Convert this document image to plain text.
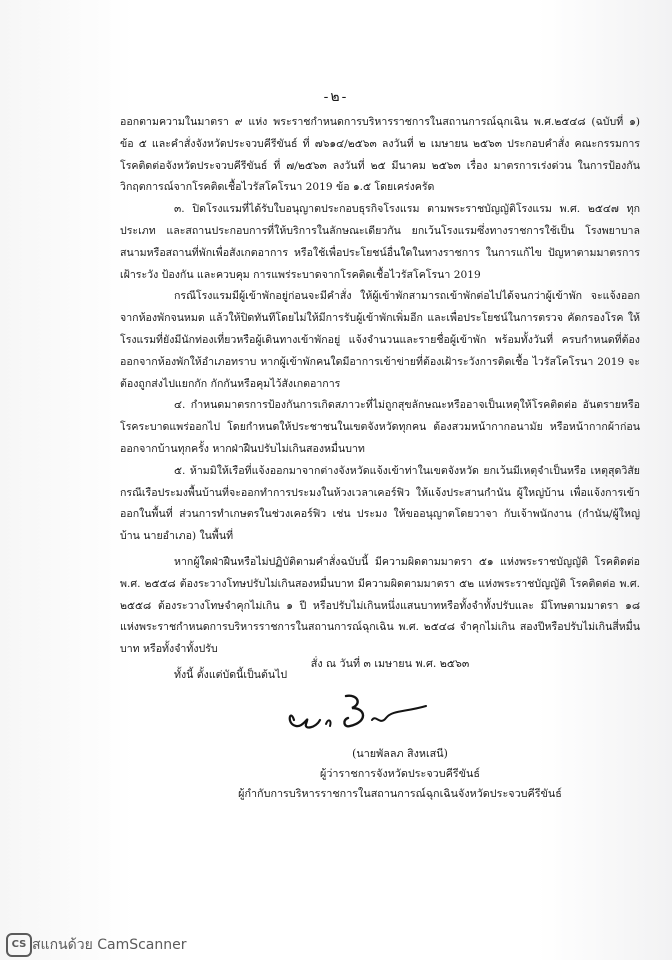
-๒-

ออกตามความในมาตรา ๙ แห่ง พระราชกำหนดการบริหารราชการในสถานการณ์ฉุกเฉิน พ.ศ.๒๕๔๘ (ฉบับที่ ๑) ข้อ ๕ และคำสั่งจังหวัดประจวบคีรีขันธ์ ที่ ๗๖๑๔/๒๕๖๓ ลงวันที่ ๒ เมษายน ๒๕๖๓ ประกอบคำสั่ง คณะกรรมการโรคติดต่อจังหวัดประจวบคีรีขันธ์ ที่ ๗/๒๕๖๓ ลงวันที่ ๒๕ มีนาคม ๒๕๖๓ เรื่อง มาตรการเร่งด่วน ในการป้องกันวิกฤตการณ์จากโรคติดเชื้อไวรัสโคโรนา 2019 ข้อ ๑.๕ โดยเคร่งครัด

๓. ปิดโรงแรมที่ได้รับใบอนุญาตประกอบธุรกิจโรงแรม ตามพระราชบัญญัติโรงแรม พ.ศ. ๒๕๔๗ ทุกประเภท และสถานประกอบการที่ให้บริการในลักษณะเดียวกัน ยกเว้นโรงแรมซึ่งทางราชการใช้เป็น โรงพยาบาลสนามหรือสถานที่พักเพื่อสังเกตอาการ หรือใช้เพื่อประโยชน์อื่นใดในทางราชการ ในการแก้ไข ปัญหาตามมาตรการเฝ้าระวัง ป้องกัน และควบคุม การแพร่ระบาดจากโรคติดเชื้อไวรัสโคโรนา 2019

กรณีโรงแรมมีผู้เข้าพักอยู่ก่อนจะมีคำสั่ง ให้ผู้เข้าพักสามารถเข้าพักต่อไปได้จนกว่าผู้เข้าพัก จะแจ้งออกจากห้องพักจนหมด แล้วให้ปิดทันทีโดยไม่ให้มีการรับผู้เข้าพักเพิ่มอีก และเพื่อประโยชน์ในการตรวจ คัดกรองโรค ให้โรงแรมที่ยังมีนักท่องเที่ยวหรือผู้เดินทางเข้าพักอยู่ แจ้งจำนวนและรายชื่อผู้เข้าพัก พร้อมทั้งวันที่ ครบกำหนดที่ต้องออกจากห้องพักให้อำเภอทราบ หากผู้เข้าพักคนใดมีอาการเข้าข่ายที่ต้องเฝ้าระวังการติดเชื้อ ไวรัสโคโรนา 2019 จะต้องถูกส่งไปแยกกัก กักกันหรือคุมไว้สังเกตอาการ

๔. กำหนดมาตรการป้องกันการเกิดสภาวะที่ไม่ถูกสุขลักษณะหรืออาจเป็นเหตุให้โรคติดต่อ อันตรายหรือโรคระบาดแพร่ออกไป โดยกำหนดให้ประชาชนในเขตจังหวัดทุกคน ต้องสวมหน้ากากอนามัย หรือหน้ากากผ้าก่อนออกจากบ้านทุกครั้ง หากฝ่าฝืนปรับไม่เกินสองหมื่นบาท

๕. ห้ามมิให้เรือที่แจ้งออกมาจากต่างจังหวัดแจ้งเข้าท่าในเขตจังหวัด ยกเว้นมีเหตุจำเป็นหรือ เหตุสุดวิสัย กรณีเรือประมงพื้นบ้านที่จะออกทำการประมงในห้วงเวลาเคอร์ฟิว ให้แจ้งประสานกำนัน ผู้ใหญ่บ้าน เพื่อแจ้งการเข้าออกในพื้นที่ ส่วนการทำเกษตรในช่วงเคอร์ฟิว เช่น ประมง ให้ขออนุญาตโดยวาจา กับเจ้าพนักงาน (กำนัน/ผู้ใหญ่บ้าน นายอำเภอ) ในพื้นที่

หากผู้ใดฝ่าฝืนหรือไม่ปฏิบัติตามคำสั่งฉบับนี้ มีความผิดตามมาตรา ๕๑ แห่งพระราชบัญญัติ โรคติดต่อ พ.ศ. ๒๕๕๘ ต้องระวางโทษปรับไม่เกินสองหมื่นบาท มีความผิดตามมาตรา ๕๒ แห่งพระราชบัญญัติ โรคติดต่อ พ.ศ. ๒๕๕๘ ต้องระวางโทษจำคุกไม่เกิน ๑ ปี หรือปรับไม่เกินหนึ่งแสนบาทหรือทั้งจำทั้งปรับและ มีโทษตามมาตรา ๑๘ แห่งพระราชกำหนดการบริหารราชการในสถานการณ์ฉุกเฉิน พ.ศ. ๒๕๔๘ จำคุกไม่เกิน สองปีหรือปรับไม่เกินสี่หมื่นบาท หรือทั้งจำทั้งปรับ

ทั้งนี้ ตั้งแต่บัดนี้เป็นต้นไป

สั่ง ณ วันที่ ๓ เมษายน พ.ศ. ๒๕๖๓
(นายพัลลภ สิงหเสนี)
ผู้ว่าราชการจังหวัดประจวบคีรีขันธ์
ผู้กำกับการบริหารราชการในสถานการณ์ฉุกเฉินจังหวัดประจวบคีรีขันธ์
CS สแกนด้วย CamScanner
